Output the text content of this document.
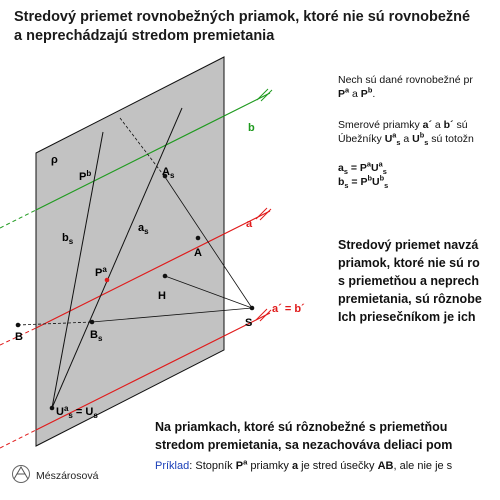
Stredový priemet rovnobežných priamok, ktoré nie sú rovnobežné
a neprechádzajú stredom premietania
Nech sú dané rovnobežné pr
$P^a$ a $P^b$.
Smerové priamky a´ a b´ sú
Úbežníky $U^a_s$ a $U^b_s$ sú totožn
$a_s = P^aU^a_s$
$b_s = P^bU^b_s$
Stredový priemet navzá
priamok, ktoré nie sú ro
s priemetňou a neprech
premietania, sú rôznobe
Ich priesečníkom je ich
Na priamkach, ktoré sú rôznobežné s priemetňou
stredom premietania, sa nezachováva deliaci pom
Príklad: Stopník $P^a$ priamky a je stred úsečky AB, ale nie je s
Mészárosová
ρ
$P^b$	$A_s$
$b_s$
$a_s$
A
$P^a$
H
S
B	$B_s$
b
a
a´ = b´
$U^a_s = U_s$
